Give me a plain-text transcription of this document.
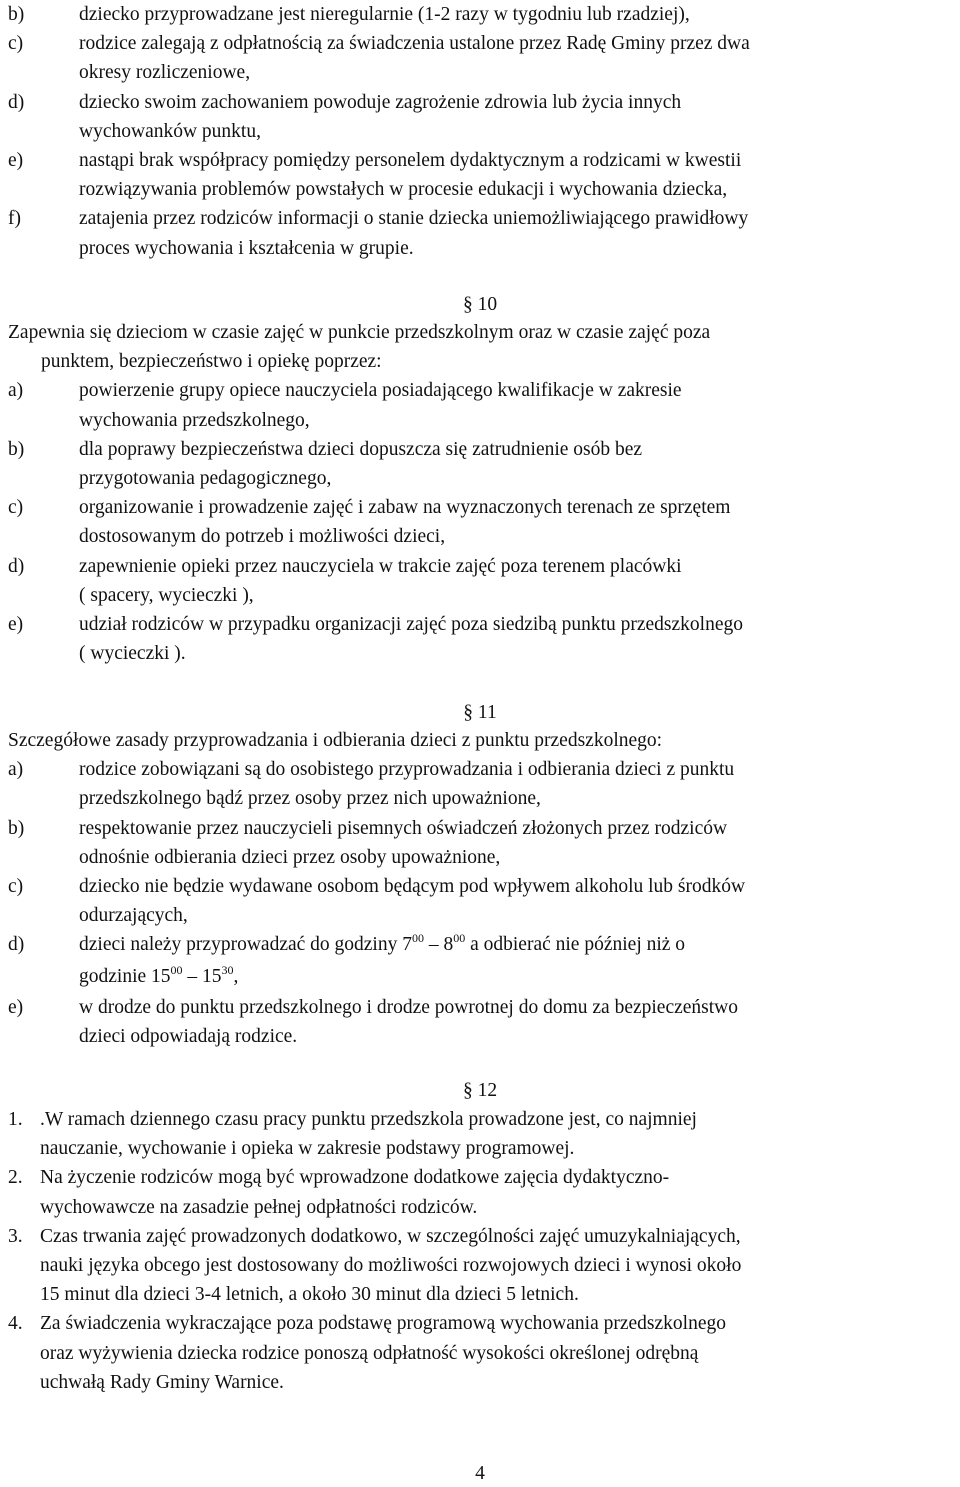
b)	dziecko przyprowadzane jest nieregularnie (1-2 razy w tygodniu lub rzadziej),
c)	rodzice zalegają z odpłatnością za świadczenia ustalone przez Radę Gminy przez dwa
okresy rozliczeniowe,
d)	dziecko swoim zachowaniem powoduje zagrożenie zdrowia lub życia innych
wychowanków punktu,
e)	nastąpi brak współpracy pomiędzy personelem dydaktycznym a rodzicami w kwestii
rozwiązywania problemów powstałych w procesie edukacji i wychowania dziecka,
f)	zatajenia przez rodziców informacji o stanie dziecka uniemożliwiającego prawidłowy
proces wychowania i kształcenia w grupie.
§ 10
Zapewnia się dzieciom w czasie zajęć w punkcie przedszkolnym oraz w czasie zajęć poza
punktem, bezpieczeństwo i opiekę poprzez:
a)	powierzenie grupy opiece nauczyciela posiadającego kwalifikacje w zakresie
wychowania przedszkolnego,
b)	dla poprawy bezpieczeństwa dzieci dopuszcza się zatrudnienie osób bez
przygotowania pedagogicznego,
c)	organizowanie i prowadzenie zajęć i zabaw na wyznaczonych terenach ze sprzętem
dostosowanym do potrzeb i możliwości dzieci,
d)	zapewnienie opieki przez nauczyciela w trakcie zajęć poza terenem placówki
( spacery, wycieczki ),
e)	udział rodziców w przypadku organizacji zajęć poza siedzibą punktu przedszkolnego
( wycieczki ).
§ 11
Szczegółowe zasady przyprowadzania i odbierania dzieci z punktu przedszkolnego:
a)	rodzice zobowiązani są do osobistego przyprowadzania i odbierania dzieci z punktu
przedszkolnego bądź przez osoby przez nich upoważnione,
b)	respektowanie przez nauczycieli pisemnych oświadczeń złożonych przez rodziców
odnośnie odbierania dzieci przez osoby upoważnione,
c)	dziecko nie będzie wydawane osobom będącym pod wpływem alkoholu lub środków
odurzających,
d)	dzieci należy przyprowadzać do godziny $7^{00} - 8^{00}$ a odbierać nie później niż o
godzinie $15^{00} - 15^{30}$,
e)	w drodze do punktu przedszkolnego i drodze powrotnej do domu za bezpieczeństwo
dzieci odpowiadają rodzice.
§ 12
1. .W ramach dziennego czasu pracy punktu przedszkola prowadzone jest, co najmniej
nauczanie, wychowanie i opieka w zakresie podstawy programowej.
2. Na życzenie rodziców mogą być wprowadzone dodatkowe zajęcia dydaktyczno-
wychowawcze na zasadzie pełnej odpłatności rodziców.
3. Czas trwania zajęć prowadzonych dodatkowo, w szczególności zajęć umuzykalniających,
nauki języka obcego jest dostosowany do możliwości rozwojowych dzieci i wynosi około
15 minut dla dzieci 3-4 letnich, a około 30 minut dla dzieci 5 letnich.
4. Za świadczenia wykraczające poza podstawę programową wychowania przedszkolnego
oraz wyżywienia dziecka rodzice ponoszą odpłatność wysokości określonej odrębną
uchwałą Rady Gminy Warnice.
4
